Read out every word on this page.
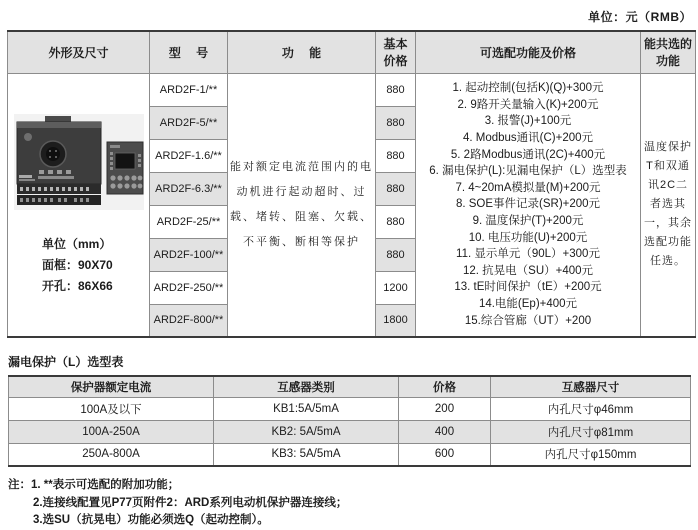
单位：元（RMB）
外形及尺寸	型 号	功 能	基本价格	可选配功能及价格	能共选的功能

单位（mm）
面框：90X70
开孔：86X66
	ARD2F-1/**	能对额定电流范围内的电动机进行起动超时、过载、堵转、阻塞、欠载、不平衡、断相等保护	880	1. 起动控制(包括K)(Q)+300元
2. 9路开关量输入(K)+200元
3. 报警(J)+100元
4. Modbus通讯(C)+200元
5. 2路Modbus通讯(2C)+400元
6. 漏电保护(L):见漏电保护（L）选型表
7. 4~20mA模拟量(M)+200元
8. SOE事件记录(SR)+200元
9. 温度保护(T)+200元
10. 电压功能(U)+200元
11. 显示单元（90L）+300元
12. 抗晃电（SU）+400元
13. tE时间保护（tE）+200元
14.电能(Ep)+400元
15.综合管廊（UT）+200
	温度保护T和双通讯2C二者选其一，其余选配功能任选。
	ARD2F-5/**		880		
	ARD2F-1.6/**		880		
	ARD2F-6.3/**		880		
	ARD2F-25/**		880		
	ARD2F-100/**		880		
	ARD2F-250/**		1200		
	ARD2F-800/**		1800		
漏电保护（L）选型表
保护器额定电流	互感器类别	价格	互感器尺寸
100A及以下	KB1:5A/5mA	200	内孔尺寸φ46mm
100A-250A	KB2: 5A/5mA	400	内孔尺寸φ81mm
250A-800A	KB3: 5A/5mA	600	内孔尺寸φ150mm
注： 1. **表示可选配的附加功能；
2.连接线配置见P77页附件2：ARD系列电动机保护器连接线；
3.选SU（抗晃电）功能必须选Q（起动控制）。
